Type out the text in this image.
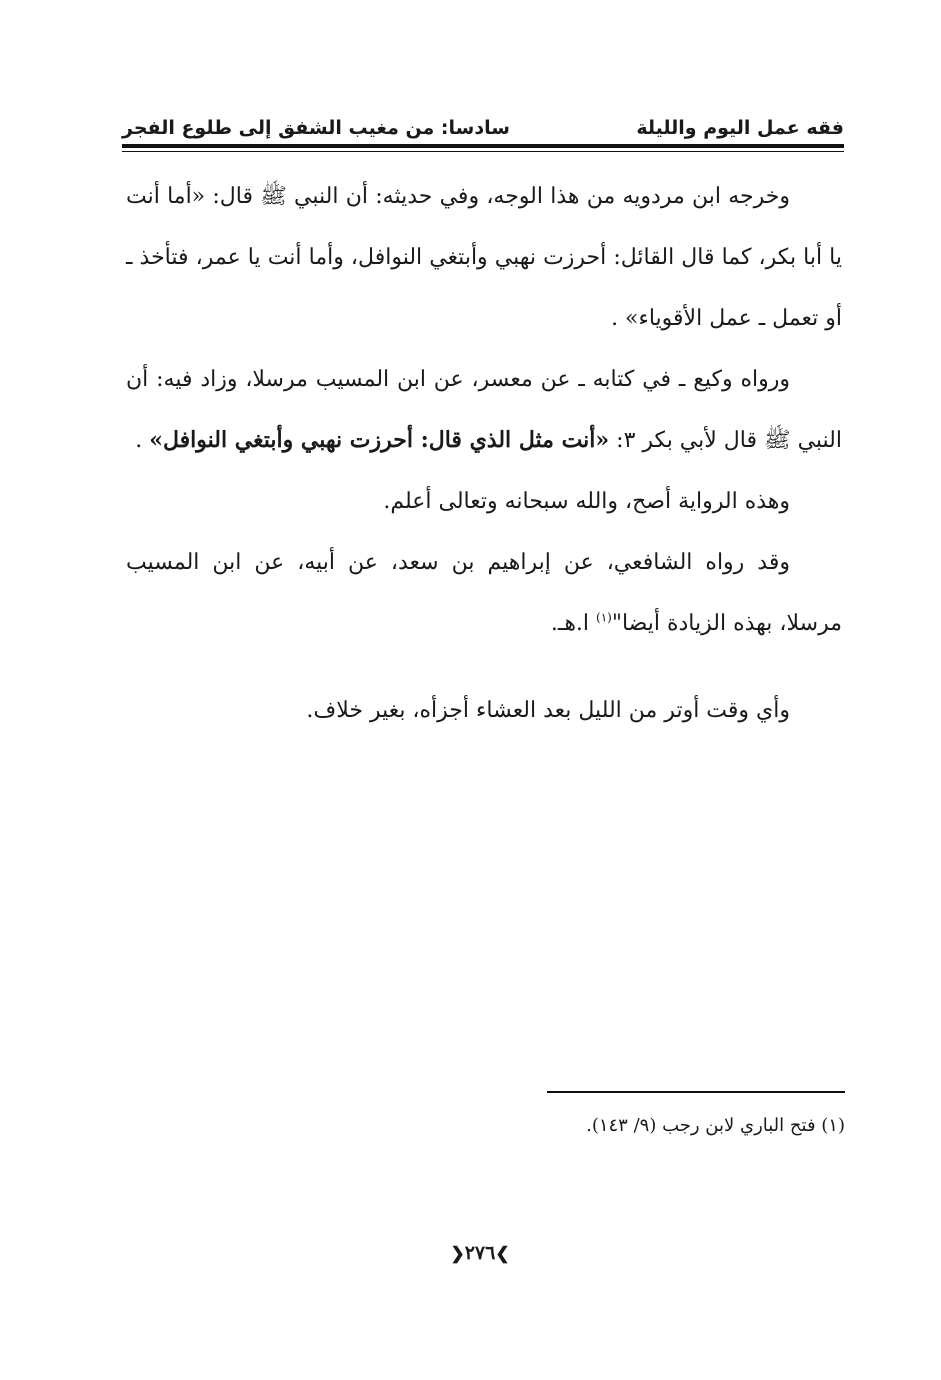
فقه عمل اليوم والليلة
سادسا: من مغيب الشفق إلى طلوع الفجر

وخرجه ابن مردويه من هذا الوجه، وفي حديثه: أن النبي ﷺ قال: «أما أنت يا أبا بكر، كما قال القائل: أحرزت نهبي وأبتغي النوافل، وأما أنت يا عمر، فتأخذ ـ أو تعمل ـ عمل الأقوياء» .

ورواه وكيع ـ في كتابه ـ عن معسر، عن ابن المسيب مرسلا، وزاد فيه: أن النبي ﷺ قال لأبي بكر ٣: «أنت مثل الذي قال: أحرزت نهبي وأبتغي النوافل» .

وهذه الرواية أصح، والله سبحانه وتعالى أعلم.

وقد رواه الشافعي، عن إبراهيم بن سعد، عن أبيه، عن ابن المسيب مرسلا، بهذه الزيادة أيضا"$^{(١)}$ ا.هـ.

وأي وقت أوتر من الليل بعد العشاء أجزأه، بغير خلاف.

(١) فتح الباري لابن رجب (٩/ ١٤٣).
❯٢٧٦❮
